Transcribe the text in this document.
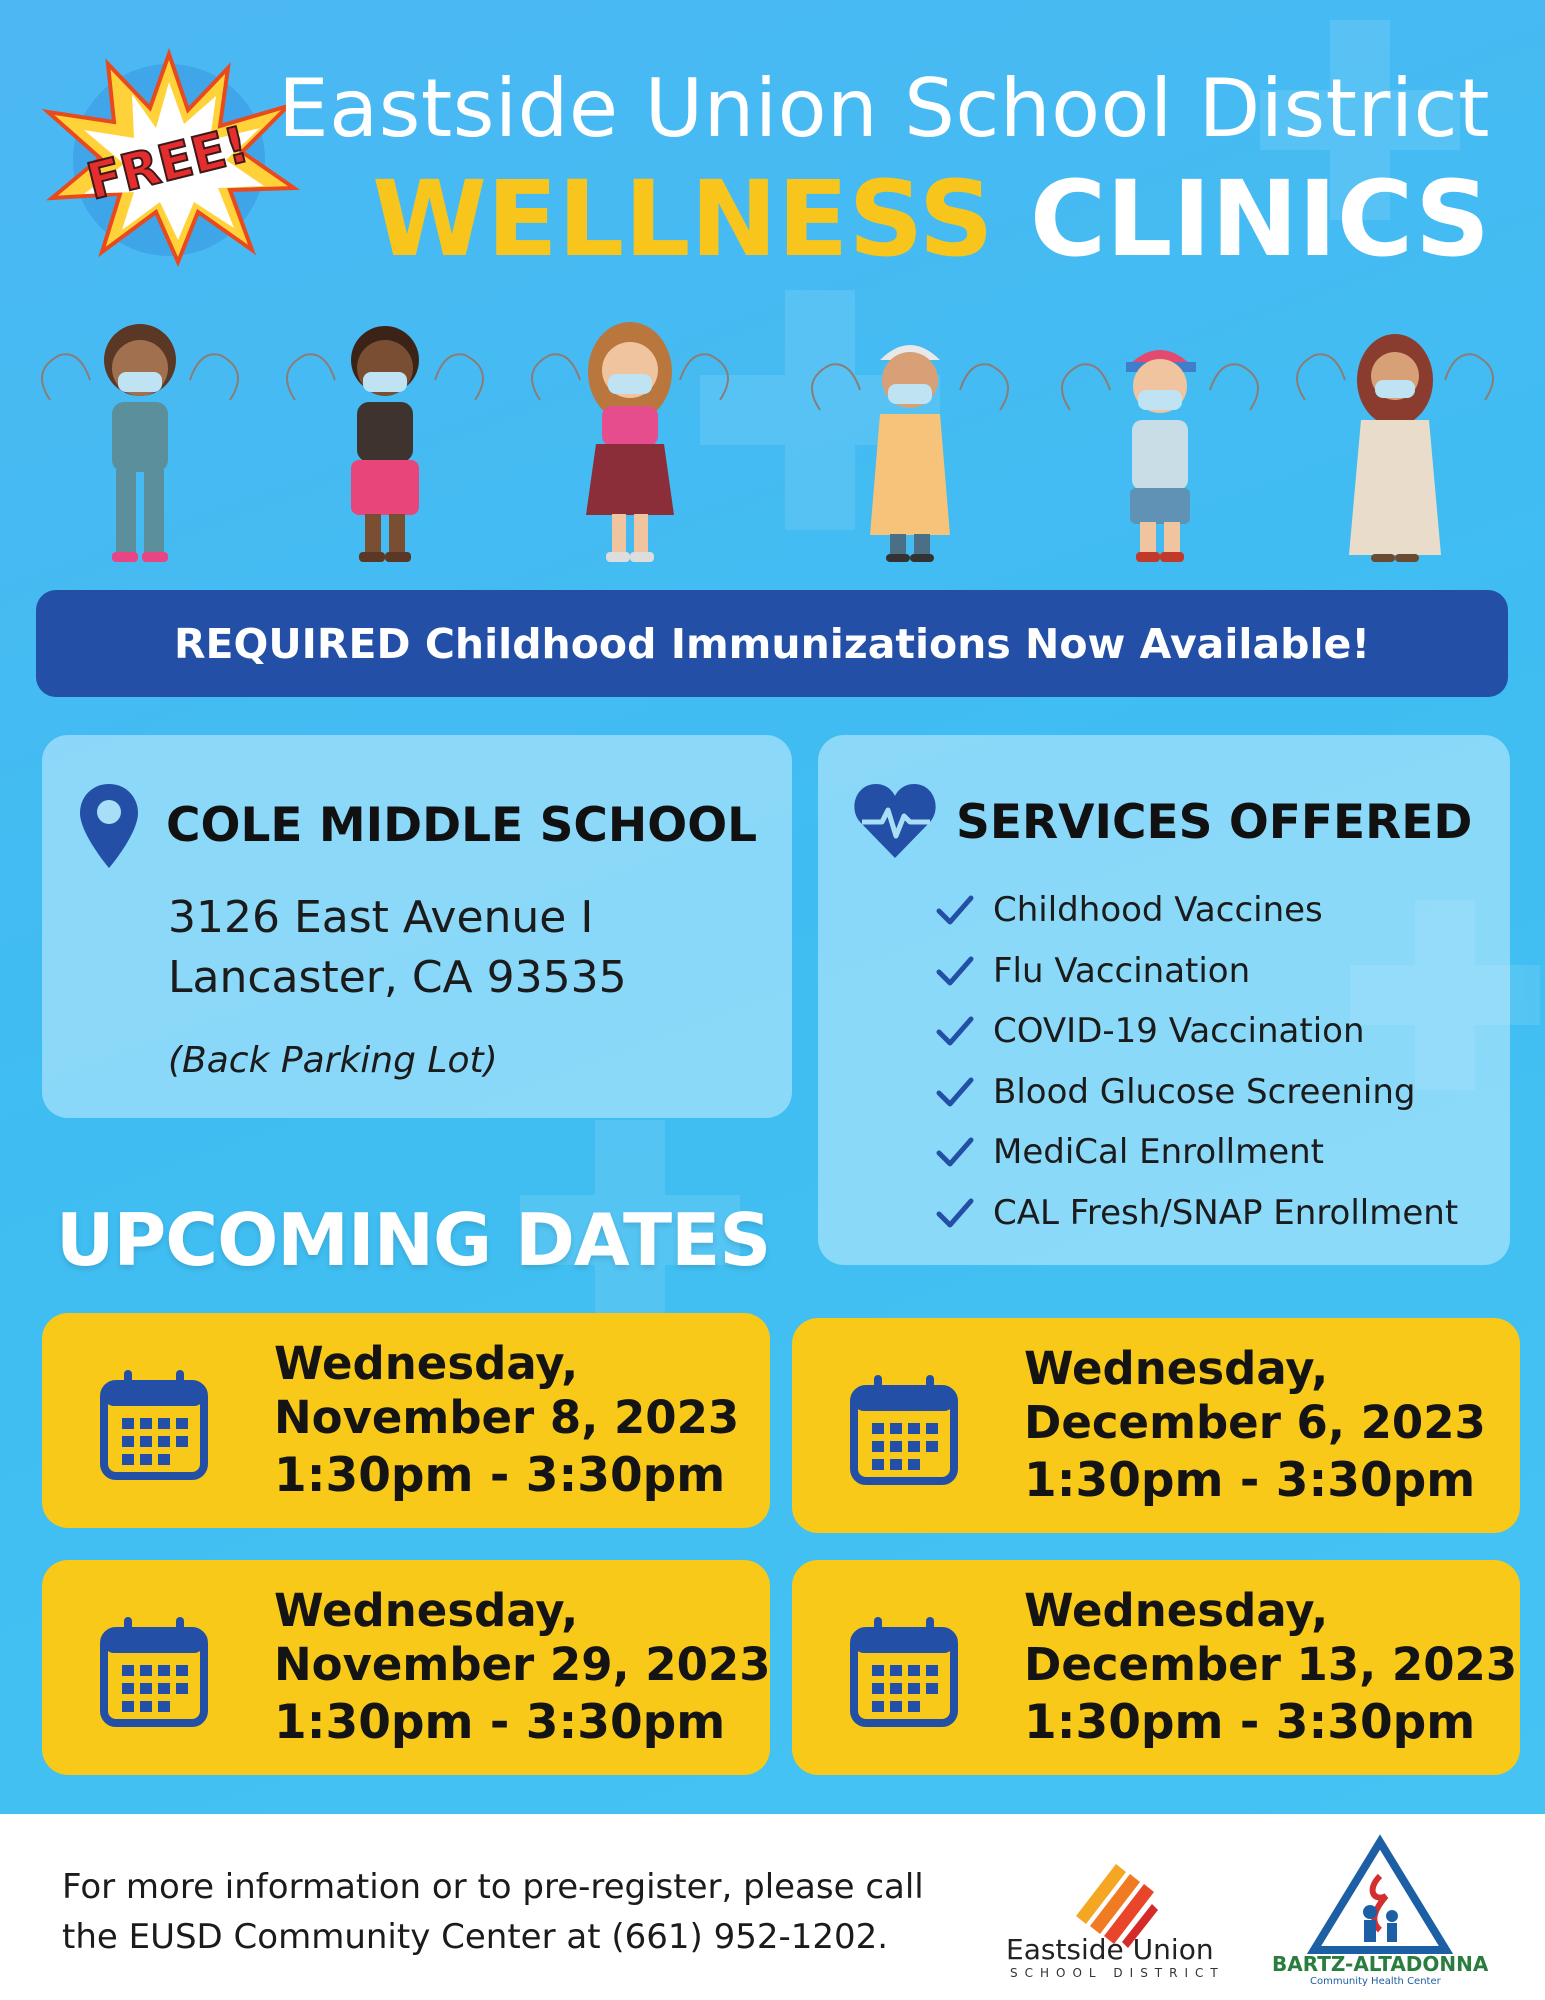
FREE!
Eastside Union School District
WELLNESS CLINICS
REQUIRED Childhood Immunizations Now Available!
COLE MIDDLE SCHOOL
3126 East Avenue I
Lancaster, CA 93535
(Back Parking Lot)
SERVICES OFFERED
Childhood Vaccines
Flu Vaccination
COVID-19 Vaccination
Blood Glucose Screening
MediCal Enrollment
CAL Fresh/SNAP Enrollment
UPCOMING DATES
Wednesday,
November 8, 2023
1:30pm - 3:30pm
Wednesday,
December 6, 2023
1:30pm - 3:30pm
Wednesday,
November 29, 2023
1:30pm - 3:30pm
Wednesday,
December 13, 2023
1:30pm - 3:30pm
For more information or to pre-register, please call
the EUSD Community Center at (661) 952-1202.	Eastside Union
SCHOOL DISTRICT BARTZ-ALTADONNA
Community Health Center
